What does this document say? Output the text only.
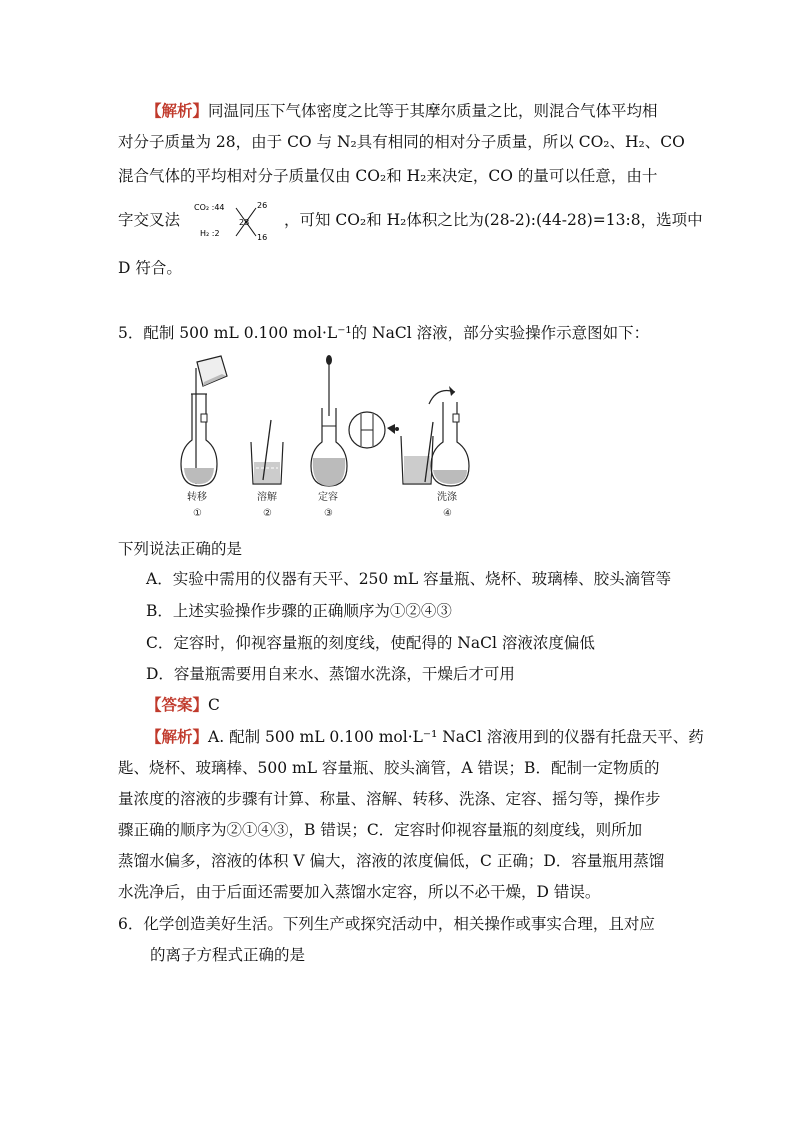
【解析】同温同压下气体密度之比等于其摩尔质量之比，则混合气体平均相
对分子质量为 28，由于 CO 与 N₂具有相同的相对分子质量，所以 CO₂、H₂、CO
混合气体的平均相对分子质量仅由 CO₂和 H₂来决定，CO 的量可以任意，由十
字交叉法
CO₂ :44
H₂ :2
28
26
16
，可知 CO₂和 H₂体积之比为(28-2):(44-28)=13:8，选项中
D 符合。
5．配制 500 mL 0.100 mol·L⁻¹的 NaCl 溶液，部分实验操作示意图如下：
转移
①
溶解
②
定容
③
洗涤
④
下列说法正确的是
A．实验中需用的仪器有天平、250 mL 容量瓶、烧杯、玻璃棒、胶头滴管等
B．上述实验操作步骤的正确顺序为①②④③
C．定容时，仰视容量瓶的刻度线，使配得的 NaCl 溶液浓度偏低
D．容量瓶需要用自来水、蒸馏水洗涤，干燥后才可用
【答案】C
【解析】A. 配制 500 mL 0.100 mol·L⁻¹ NaCl 溶液用到的仪器有托盘天平、药
匙、烧杯、玻璃棒、500 mL 容量瓶、胶头滴管，A 错误；B．配制一定物质的
量浓度的溶液的步骤有计算、称量、溶解、转移、洗涤、定容、摇匀等，操作步
骤正确的顺序为②①④③，B 错误；C．定容时仰视容量瓶的刻度线，则所加
蒸馏水偏多，溶液的体积 V 偏大，溶液的浓度偏低，C 正确；D．容量瓶用蒸馏
水洗净后，由于后面还需要加入蒸馏水定容，所以不必干燥，D 错误。
6．化学创造美好生活。下列生产或探究活动中，相关操作或事实合理，且对应
的离子方程式正确的是
